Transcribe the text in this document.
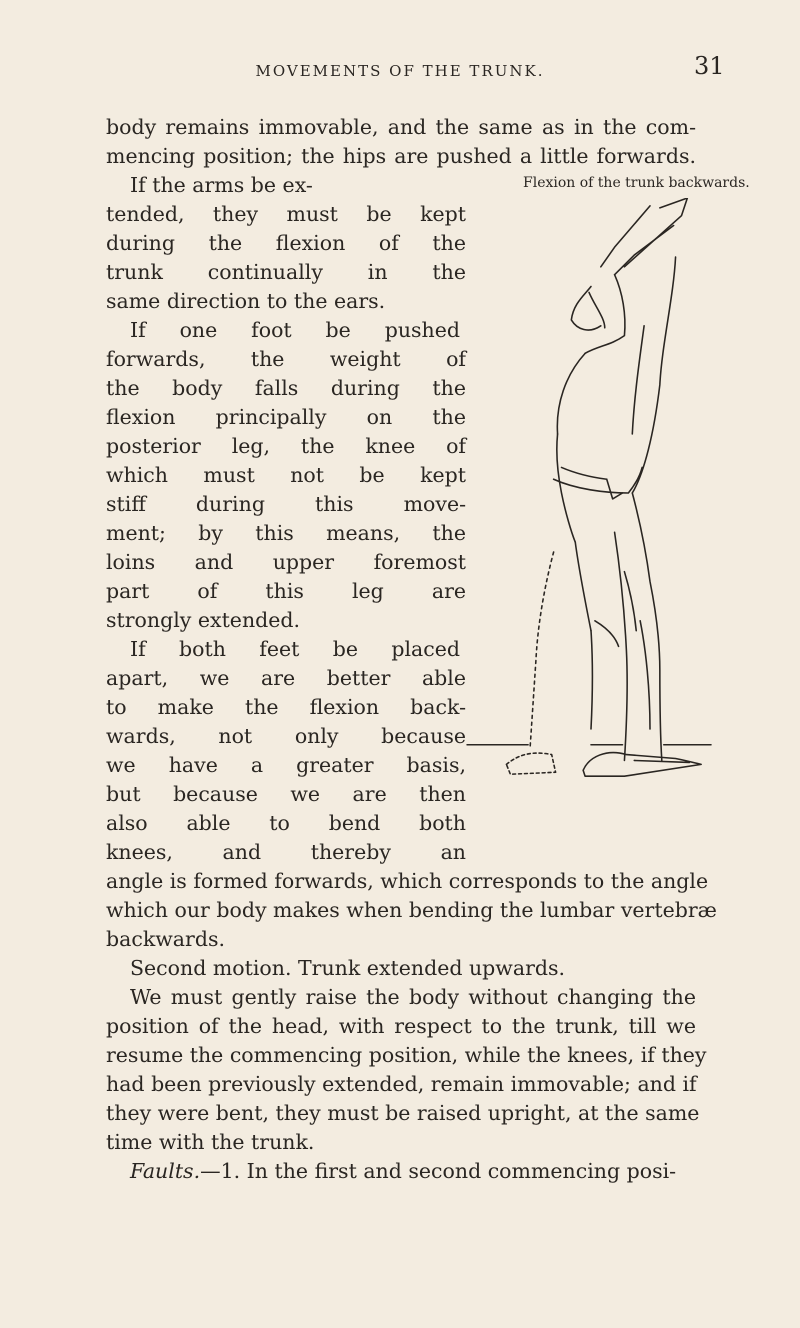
MOVEMENTS OF THE TRUNK.	31
body remains immovable, and the same as in the com-
mencing position; the hips are pushed a little forwards.
If the arms be ex-	Flexion of the trunk backwards.
tended, they must be kept
during the flexion of the
trunk continually in the
same direction to the ears.
If one foot be pushed
forwards, the weight of
the body falls during the
flexion principally on the
posterior leg, the knee of
which must not be kept
stiff during this move-
ment; by this means, the
loins and upper foremost
part of this leg are
strongly extended.
If both feet be placed
apart, we are better able
to make the flexion back-
wards, not only because
we have a greater basis,
but because we are then
also able to bend both
knees, and thereby an
angle is formed forwards, which corresponds to the angle
which our body makes when bending the lumbar vertebræ
backwards.
Second motion. Trunk extended upwards.
We must gently raise the body without changing the
position of the head, with respect to the trunk, till we
resume the commencing position, while the knees, if they
had been previously extended, remain immovable; and if
they were bent, they must be raised upright, at the same
time with the trunk.
Faults.—1. In the first and second commencing posi-
